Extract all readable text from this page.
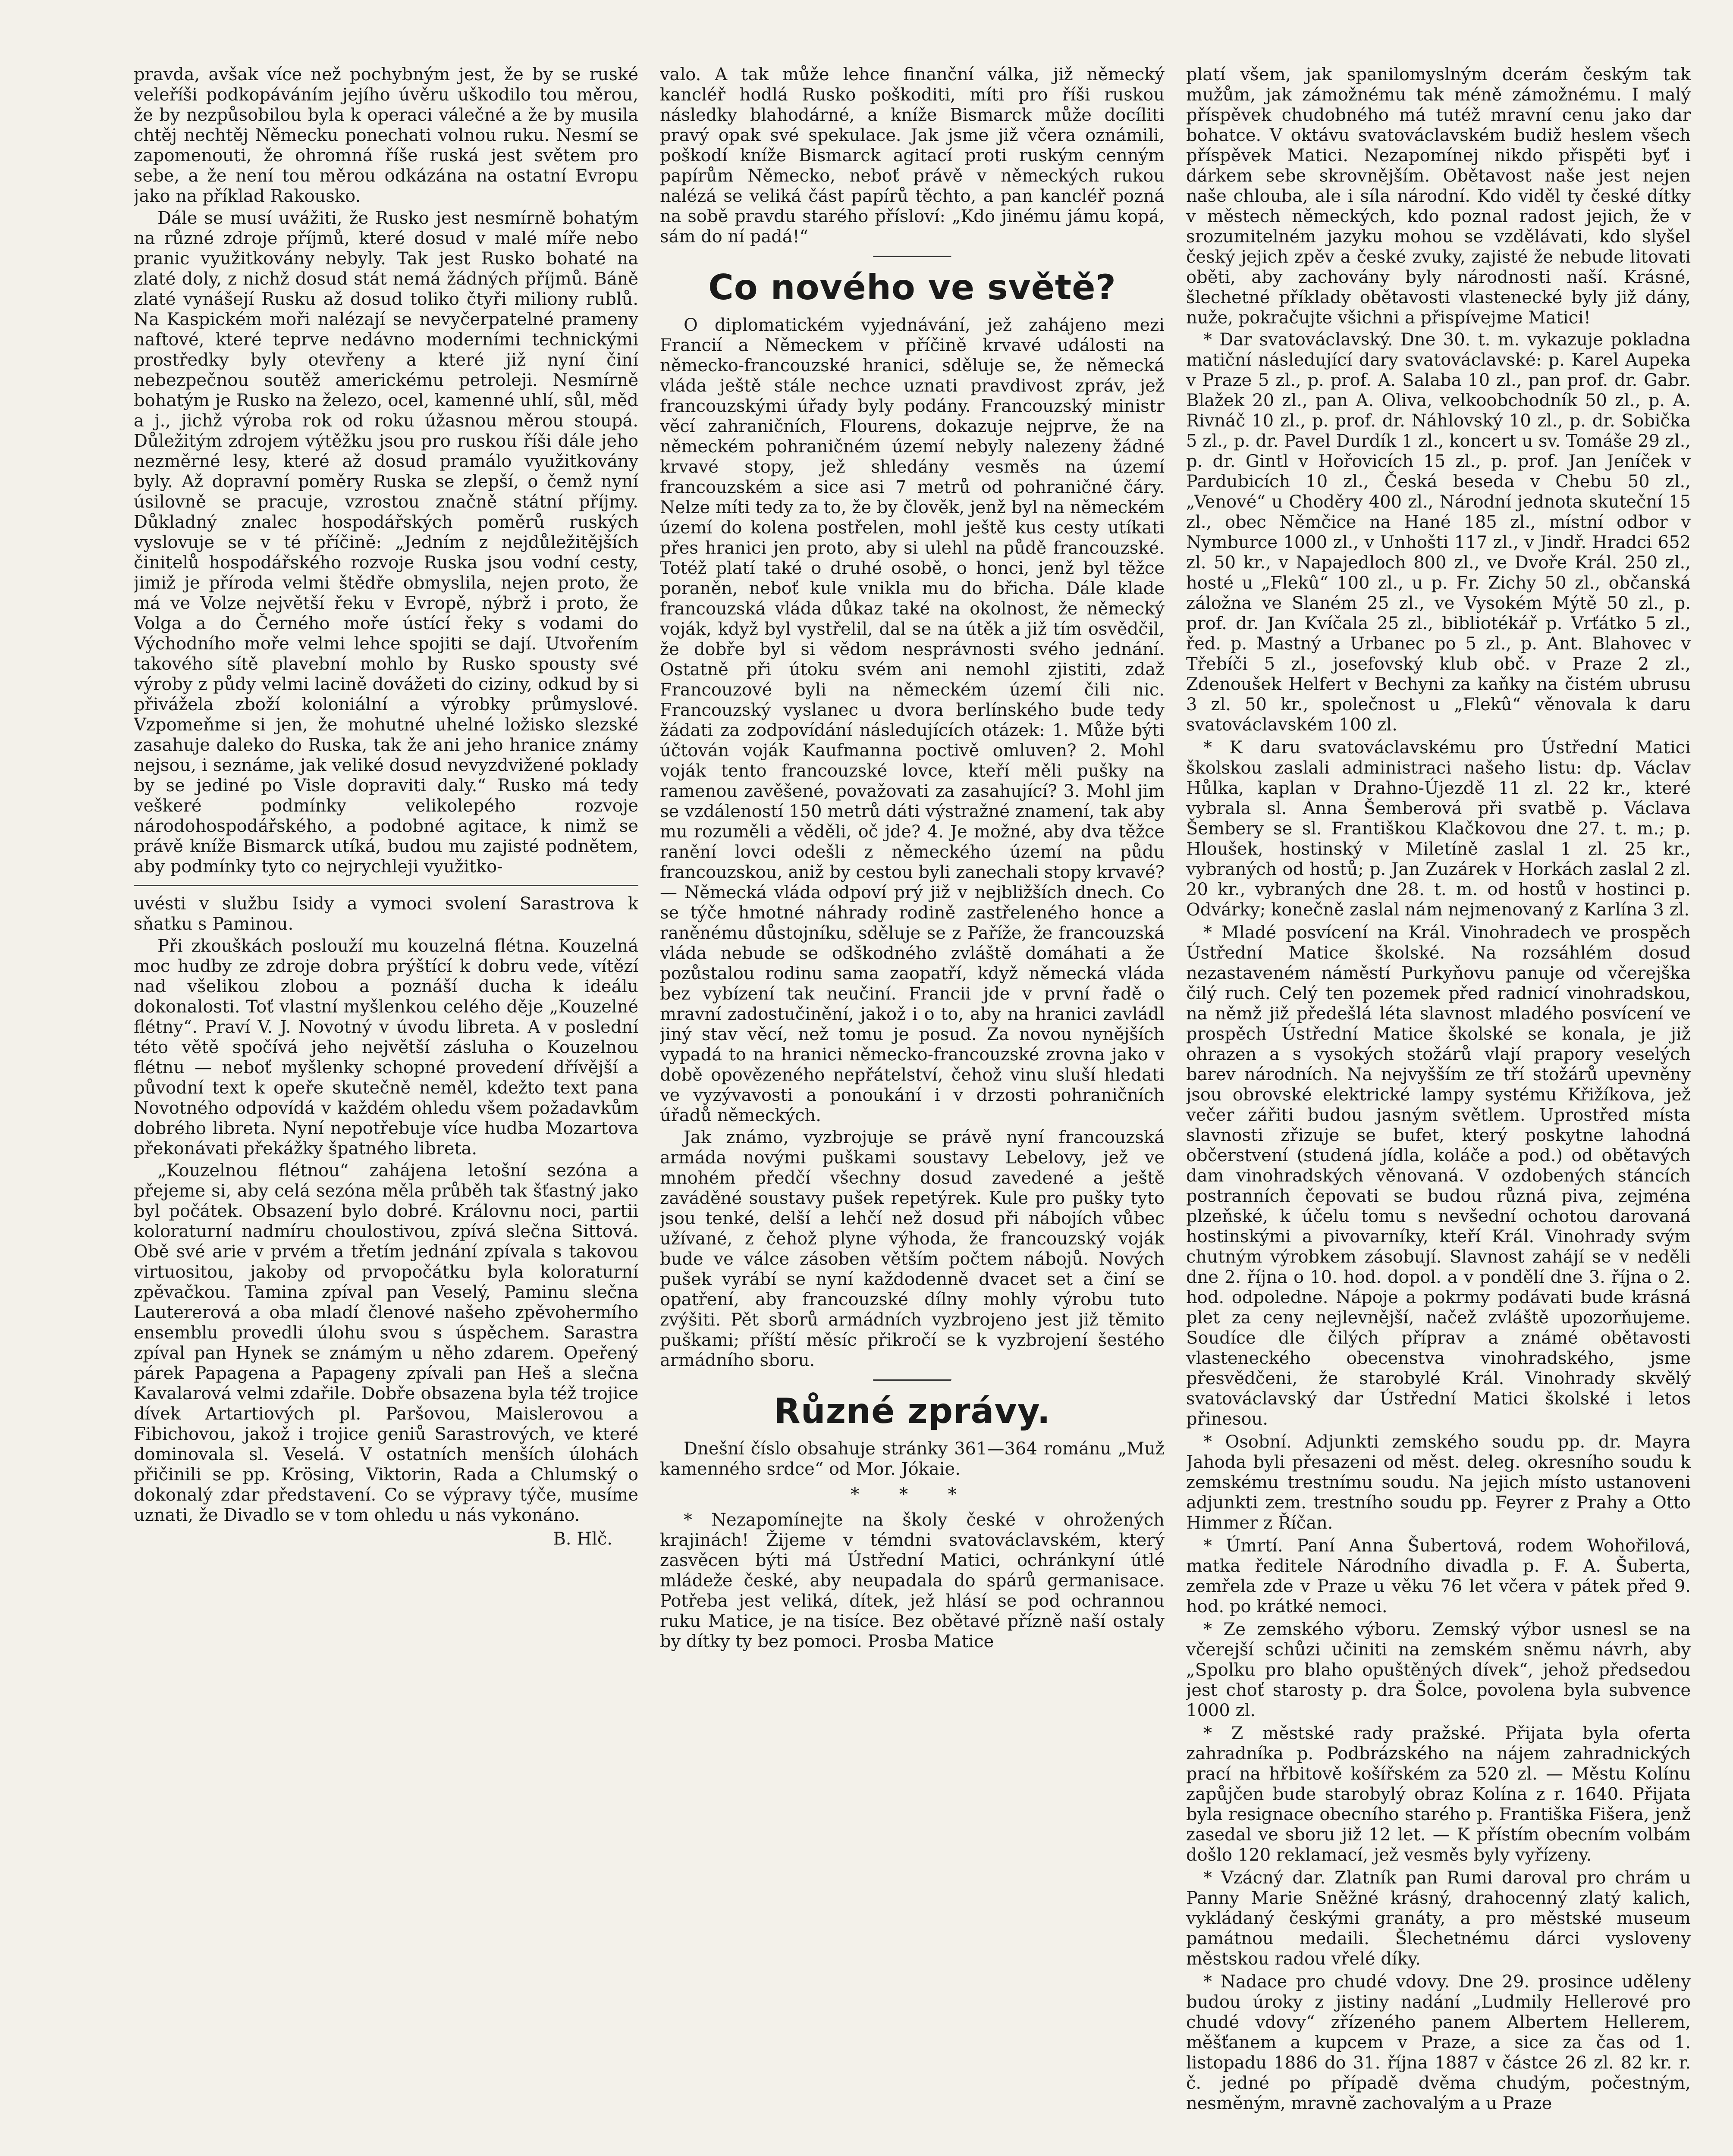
pravda, avšak více než pochybným jest, že by se ruské veleříši podkopáváním jejího úvěru uškodilo tou měrou, že by nezpůsobilou byla k operaci válečné a že by musila chtěj nechtěj Německu ponechati volnou ruku. Nesmí se zapomenouti, že ohromná říše ruská jest světem pro sebe, a že není tou měrou odkázána na ostatní Evropu jako na příklad Rakousko.

Dále se musí uvážiti, že Rusko jest nesmírně bohatým na různé zdroje příjmů, které dosud v malé míře nebo pranic využitkovány nebyly. Tak jest Rusko bohaté na zlaté doly, z nichž dosud stát nemá žádných příjmů. Báně zlaté vynášejí Rusku až dosud toliko čtyři miliony rublů. Na Kaspickém moři nalézají se nevyčerpatelné prameny naftové, které teprve nedávno moderními technickými prostředky byly otevřeny a které již nyní činí nebezpečnou soutěž americkému petroleji. Nesmírně bohatým je Rusko na železo, ocel, kamenné uhlí, sůl, měď a j., jichž výroba rok od roku úžasnou měrou stoupá. Důležitým zdrojem výtěžku jsou pro ruskou říši dále jeho nezměrné lesy, které až dosud pramálo využitkovány byly. Až dopravní poměry Ruska se zlepší, o čemž nyní úsilovně se pracuje, vzrostou značně státní příjmy. Důkladný znalec hospodářských poměrů ruských vyslovuje se v té příčině: „Jedním z nejdůležitějších činitelů hospodářského rozvoje Ruska jsou vodní cesty, jimiž je příroda velmi štědře obmyslila, nejen proto, že má ve Volze největší řeku v Evropě, nýbrž i proto, že Volga a do Černého moře ústící řeky s vodami do Východního moře velmi lehce spojiti se dají. Utvořením takového sítě plavební mohlo by Rusko spousty své výroby z půdy velmi lacině dovážeti do ciziny, odkud by si přivážela zboží koloniální a výrobky průmyslové. Vzpomeňme si jen, že mohutné uhelné ložisko slezské zasahuje daleko do Ruska, tak že ani jeho hranice známy nejsou, i seznáme, jak veliké dosud nevyzdvižené poklady by se jediné po Visle dopraviti daly.“ Rusko má tedy veškeré podmínky velikolepého rozvoje národohospodářského, a podobné agitace, k nimž se právě kníže Bismarck utíká, budou mu zajisté podnětem, aby podmínky tyto co nejrychleji využitko-

uvésti v službu Isidy a vymoci svolení Sarastrova k sňatku s Paminou.

Při zkouškách poslouží mu kouzelná flétna. Kouzelná moc hudby ze zdroje dobra prýštící k dobru vede, vítězí nad všelikou zlobou a poznáší ducha k ideálu dokonalosti. Toť vlastní myšlenkou celého děje „Kouzelné flétny“. Praví V. J. Novotný v úvodu libreta. A v poslední této větě spočívá jeho největší zásluha o Kouzelnou flétnu — neboť myšlenky schopné provedení dřívější a původní text k opeře skutečně neměl, kdežto text pana Novotného odpovídá v každém ohledu všem požadavkům dobrého libreta. Nyní nepotřebuje více hudba Mozartova překonávati překážky špatného libreta.

„Kouzelnou flétnou“ zahájena letošní sezóna a přejeme si, aby celá sezóna měla průběh tak šťastný jako byl počátek. Obsazení bylo dobré. Královnu noci, partii koloraturní nadmíru choulostivou, zpívá slečna Sittová. Obě své arie v prvém a třetím jednání zpívala s takovou virtuositou, jakoby od prvopočátku byla koloraturní zpěvačkou. Tamina zpíval pan Veselý, Paminu slečna Lautererová a oba mladí členové našeho zpěvohermího ensemblu provedli úlohu svou s úspěchem. Sarastra zpíval pan Hynek se známým u něho zdarem. Opeřený párek Papagena a Papageny zpívali pan Heš a slečna Kavalarová velmi zdařile. Dobře obsazena byla též trojice dívek Artartiových pl. Paršovou, Maislerovou a Fibichovou, jakož i trojice geniů Sarastrových, ve které dominovala sl. Veselá. V ostatních menších úlohách přičinili se pp. Krösing, Viktorin, Rada a Chlumský o dokonalý zdar představení. Co se výpravy týče, musíme uznati, že Divadlo se v tom ohledu u nás vykonáno.

B. Hlč.

valo. A tak může lehce finanční válka, již německý kancléř hodlá Rusko poškoditi, míti pro říši ruskou následky blahodárné, a kníže Bismarck může docíliti pravý opak své spekulace. Jak jsme již včera oznámili, poškodí kníže Bismarck agitací proti ruským cenným papírům Německo, neboť právě v německých rukou nalézá se veliká část papírů těchto, a pan kancléř pozná na sobě pravdu starého přísloví: „Kdo jinému jámu kopá, sám do ní padá!“

Co nového ve světě?

O diplomatickém vyjednávání, jež zahájeno mezi Francií a Německem v příčině krvavé události na německo-francouzské hranici, sděluje se, že německá vláda ještě stále nechce uznati pravdivost zpráv, jež francouzskými úřady byly podány. Francouzský ministr věcí zahraničních, Flourens, dokazuje nejprve, že na německém pohraničném území nebyly nalezeny žádné krvavé stopy, jež shledány vesměs na území francouzském a sice asi 7 metrů od pohraničné čáry. Nelze míti tedy za to, že by člověk, jenž byl na německém území do kolena postřelen, mohl ještě kus cesty utíkati přes hranici jen proto, aby si ulehl na půdě francouzské. Totéž platí také o druhé osobě, o honci, jenž byl těžce poraněn, neboť kule vnikla mu do břicha. Dále klade francouzská vláda důkaz také na okolnost, že německý voják, když byl vystřelil, dal se na útěk a již tím osvědčil, že dobře byl si vědom nesprávnosti svého jednání. Ostatně při útoku svém ani nemohl zjistiti, zdaž Francouzové byli na německém území čili nic. Francouzský vyslanec u dvora berlínského bude tedy žádati za zodpovídání následujících otázek: 1. Může býti účtován voják Kaufmanna poctivě omluven? 2. Mohl voják tento francouzské lovce, kteří měli pušky na ramenou zavěšené, považovati za zasahující? 3. Mohl jim se vzdáleností 150 metrů dáti výstražné znamení, tak aby mu rozuměli a věděli, oč jde? 4. Je možné, aby dva těžce ranění lovci odešli z německého území na půdu francouzskou, aniž by cestou byli zanechali stopy krvavé? — Německá vláda odpoví prý již v nejbližších dnech. Co se týče hmotné náhrady rodině zastřeleného honce a raněnému důstojníku, sděluje se z Paříže, že francouzská vláda nebude se odškodného zvláště domáhati a že pozůstalou rodinu sama zaopatří, když německá vláda bez vybízení tak neučiní. Francii jde v první řadě o mravní zadostučinění, jakož i o to, aby na hranici zavládl jiný stav věcí, než tomu je posud. Za novou nynějších vypadá to na hranici německo-francouzské zrovna jako v době opovězeného nepřátelství, čehož vinu sluší hledati ve vyzývavosti a ponoukání i v drzosti pohraničních úřadů německých.

Jak známo, vyzbrojuje se právě nyní francouzská armáda novými puškami soustavy Lebelovy, jež ve mnohém předčí všechny dosud zavedené a ještě zaváděné soustavy pušek repetýrek. Kule pro pušky tyto jsou tenké, delší a lehčí než dosud při nábojích vůbec užívané, z čehož plyne výhoda, že francouzský voják bude ve válce zásoben větším počtem nábojů. Nových pušek vyrábí se nyní každodenně dvacet set a činí se opatření, aby francouzské dílny mohly výrobu tuto zvýšiti. Pět sborů armádních vyzbrojeno jest již těmito puškami; příští měsíc přikročí se k vyzbrojení šestého armádního sboru.

Různé zprávy.

Dnešní číslo obsahuje stránky 361—364 románu „Muž kamenného srdce“ od Mor. Jókaie.

* * *

* Nezapomínejte na školy české v ohrožených krajinách! Žijeme v témdni svatováclavském, který zasvěcen býti má Ústřední Matici, ochránkyní útlé mládeže české, aby neupadala do spárů germanisace. Potřeba jest veliká, dítek, jež hlásí se pod ochrannou ruku Matice, je na tisíce. Bez obětavé přízně naší ostaly by dítky ty bez pomoci. Prosba Matice

platí všem, jak spanilomyslným dcerám českým tak mužům, jak zámožnému tak méně zámožnému. I malý příspěvek chudobného má tutéž mravní cenu jako dar bohatce. V oktávu svatováclavském budiž heslem všech příspěvek Matici. Nezapomínej nikdo přispěti byť i dárkem sebe skrovnějším. Obětavost naše jest nejen naše chlouba, ale i síla národní. Kdo viděl ty české dítky v městech německých, kdo poznal radost jejich, že v srozumitelném jazyku mohou se vzdělávati, kdo slyšel český jejich zpěv a české zvuky, zajisté že nebude litovati oběti, aby zachovány byly národnosti naší. Krásné, šlechetné příklady obětavosti vlastenecké byly již dány, nuže, pokračujte všichni a přispívejme Matici!

* Dar svatováclavský. Dne 30. t. m. vykazuje pokladna matiční následující dary svatováclavské: p. Karel Aupeka v Praze 5 zl., p. prof. A. Salaba 10 zl., pan prof. dr. Gabr. Blažek 20 zl., pan A. Oliva, velkoobchodník 50 zl., p. A. Rivnáč 10 zl., p. prof. dr. Náhlovský 10 zl., p. dr. Sobička 5 zl., p. dr. Pavel Durdík 1 zl., koncert u sv. Tomáše 29 zl., p. dr. Gintl v Hořovicích 15 zl., p. prof. Jan Jeníček v Pardubicích 10 zl., Česká beseda v Chebu 50 zl., „Venové“ u Choděry 400 zl., Národní jednota skuteční 15 zl., obec Němčice na Hané 185 zl., místní odbor v Nymburce 1000 zl., v Unhošti 117 zl., v Jindř. Hradci 652 zl. 50 kr., v Napajedloch 800 zl., ve Dvoře Král. 250 zl., hosté u „Flekû“ 100 zl., u p. Fr. Zichy 50 zl., občanská záložna ve Slaném 25 zl., ve Vysokém Mýtě 50 zl., p. prof. dr. Jan Kvíčala 25 zl., bibliotékář p. Vrťátko 5 zl., řed. p. Mastný a Urbanec po 5 zl., p. Ant. Blahovec v Třebíči 5 zl., josefovský klub obč. v Praze 2 zl., Zdenoušek Helfert v Bechyni za kaňky na čistém ubrusu 3 zl. 50 kr., společnost u „Flekû“ věnovala k daru svatováclavském 100 zl.

* K daru svatováclavskému pro Ústřední Matici školskou zaslali administraci našeho listu: dp. Václav Hůlka, kaplan v Drahno-Újezdě 11 zl. 22 kr., které vybrala sl. Anna Šemberová při svatbě p. Václava Šembery se sl. Františkou Klačkovou dne 27. t. m.; p. Hloušek, hostinský v Miletíně zaslal 1 zl. 25 kr., vybraných od hostů; p. Jan Zuzárek v Horkách zaslal 2 zl. 20 kr., vybraných dne 28. t. m. od hostů v hostinci p. Odvárky; konečně zaslal nám nejmenovaný z Karlína 3 zl.

* Mladé posvícení na Král. Vinohradech ve prospěch Ústřední Matice školské. Na rozsáhlém dosud nezastaveném náměstí Purkyňovu panuje od včerejška čilý ruch. Celý ten pozemek před radnicí vinohradskou, na němž již předešlá léta slavnost mladého posvícení ve prospěch Ústřední Matice školské se konala, je již ohrazen a s vysokých stožárů vlají prapory veselých barev národních. Na nejvyšším ze tří stožárů upevněny jsou obrovské elektrické lampy systému Křižíkova, jež večer zářiti budou jasným světlem. Uprostřed místa slavnosti zřizuje se bufet, který poskytne lahodná občerstvení (studená jídla, koláče a pod.) od obětavých dam vinohradských věnovaná. V ozdobených stáncích postranních čepovati se budou různá piva, zejména plzeňské, k účelu tomu s nevšední ochotou darovaná hostinskými a pivovarníky, kteří Král. Vinohrady svým chutným výrobkem zásobují. Slavnost zahájí se v neděli dne 2. října o 10. hod. dopol. a v pondělí dne 3. října o 2. hod. odpoledne. Nápoje a pokrmy podávati bude krásná plet za ceny nejlevnější, načež zvláště upozorňujeme. Soudíce dle čilých příprav a známé obětavosti vlasteneckého obecenstva vinohradského, jsme přesvědčeni, že starobylé Král. Vinohrady skvělý svatováclavský dar Ústřední Matici školské i letos přinesou.

* Osobní. Adjunkti zemského soudu pp. dr. Mayra Jahoda byli přesazeni od měst. deleg. okresního soudu k zemskému trestnímu soudu. Na jejich místo ustanoveni adjunkti zem. trestního soudu pp. Feyrer z Prahy a Otto Himmer z Říčan.

* Úmrtí. Paní Anna Šubertová, rodem Wohořilová, matka ředitele Národního divadla p. F. A. Šuberta, zemřela zde v Praze u věku 76 let včera v pátek před 9. hod. po krátké nemoci.

* Ze zemského výboru. Zemský výbor usnesl se na včerejší schůzi učiniti na zemském sněmu návrh, aby „Spolku pro blaho opuštěných dívek“, jehož předsedou jest choť starosty p. dra Šolce, povolena byla subvence 1000 zl.

* Z městské rady pražské. Přijata byla oferta zahradníka p. Podbrázského na nájem zahradnických prací na hřbitově košířském za 520 zl. — Městu Kolínu zapůjčen bude starobylý obraz Kolína z r. 1640. Přijata byla resignace obecního starého p. Františka Fišera, jenž zasedal ve sboru již 12 let. — K přístím obecním volbám došlo 120 reklamací, jež vesměs byly vyřízeny.

* Vzácný dar. Zlatník pan Rumi daroval pro chrám u Panny Marie Sněžné krásný, drahocenný zlatý kalich, vykládaný českými granáty, a pro městské museum památnou medaili. Šlechetnému dárci vysloveny městskou radou vřelé díky.

* Nadace pro chudé vdovy. Dne 29. prosince uděleny budou úroky z jistiny nadání „Ludmily Hellerové pro chudé vdovy“ zřízeného panem Albertem Hellerem, měšťanem a kupcem v Praze, a sice za čas od 1. listopadu 1886 do 31. října 1887 v částce 26 zl. 82 kr. r. č. jedné po případě dvěma chudým, počestným, nesměným, mravně zachovalým a u Praze
